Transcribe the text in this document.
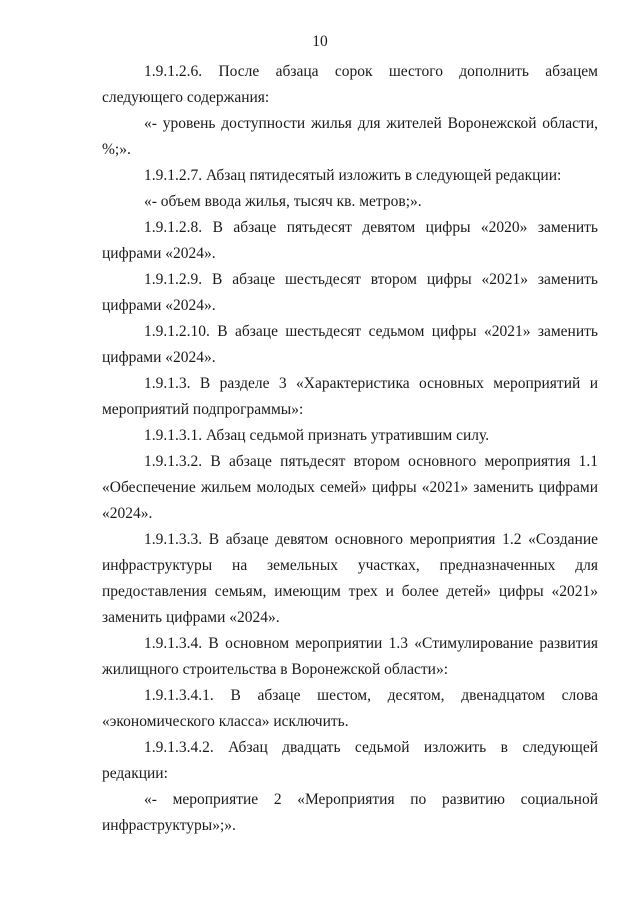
10

1.9.1.2.6. После абзаца сорок шестого дополнить абзацем следующего содержания:

«- уровень доступности жилья для жителей Воронежской области, %;».

1.9.1.2.7. Абзац пятидесятый изложить в следующей редакции:

«- объем ввода жилья, тысяч кв. метров;».

1.9.1.2.8. В абзаце пятьдесят девятом цифры «2020» заменить цифрами «2024».

1.9.1.2.9. В абзаце шестьдесят втором цифры «2021» заменить цифрами «2024».

1.9.1.2.10. В абзаце шестьдесят седьмом цифры «2021» заменить цифрами «2024».

1.9.1.3. В разделе 3 «Характеристика основных мероприятий и мероприятий подпрограммы»:

1.9.1.3.1. Абзац седьмой признать утратившим силу.

1.9.1.3.2. В абзаце пятьдесят втором основного мероприятия 1.1 «Обеспечение жильем молодых семей» цифры «2021» заменить цифрами «2024».

1.9.1.3.3. В абзаце девятом основного мероприятия 1.2 «Создание инфраструктуры на земельных участках, предназначенных для предоставления семьям, имеющим трех и более детей» цифры «2021» заменить цифрами «2024».

1.9.1.3.4. В основном мероприятии 1.3 «Стимулирование развития жилищного строительства в Воронежской области»:

1.9.1.3.4.1. В абзаце шестом, десятом, двенадцатом слова «экономического класса» исключить.

1.9.1.3.4.2. Абзац двадцать седьмой изложить в следующей редакции:

«- мероприятие 2 «Мероприятия по развитию социальной инфраструктуры»;».
